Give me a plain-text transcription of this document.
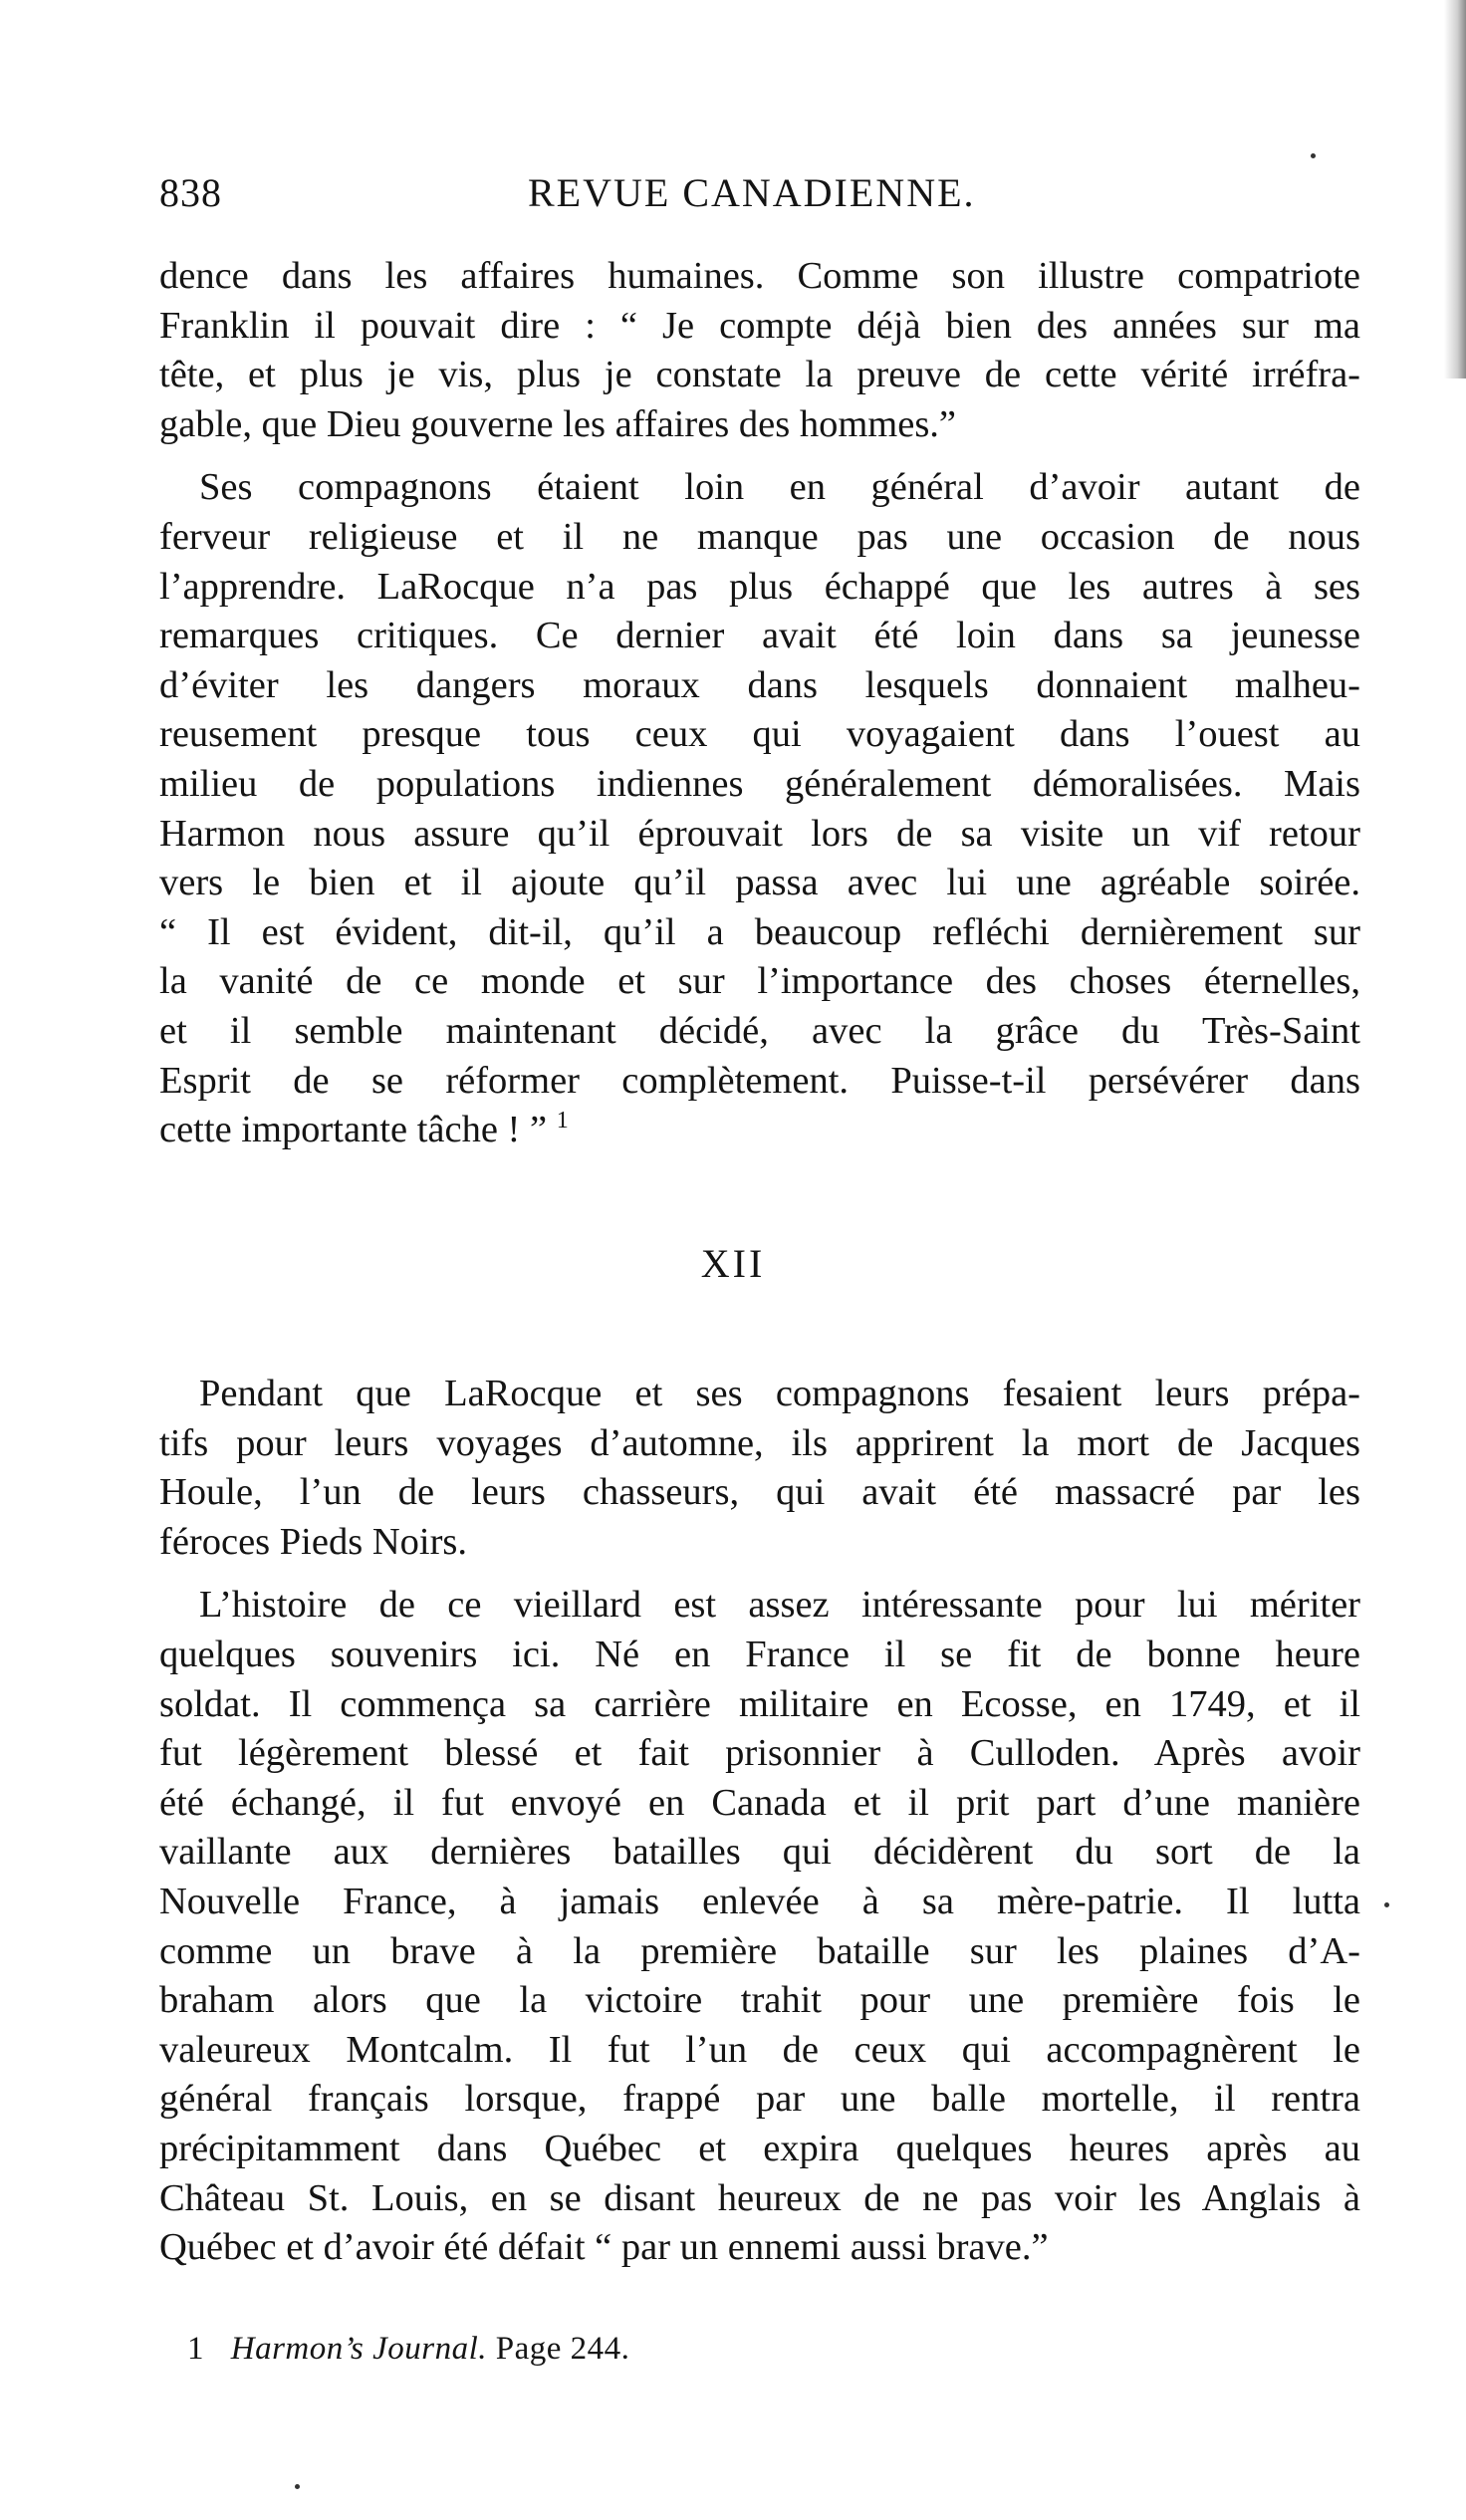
838	REVUE CANADIENNE.

dence dans les affaires humaines. Comme son illustre compatriote
Franklin il pouvait dire : “ Je compte déjà bien des années sur ma
tête, et plus je vis, plus je constate la preuve de cette vérité irréfra-
gable, que Dieu gouverne les affaires des hommes.”

Ses compagnons étaient loin en général d’avoir autant de
ferveur religieuse et il ne manque pas une occasion de nous
l’apprendre. LaRocque n’a pas plus échappé que les autres à ses
remarques critiques. Ce dernier avait été loin dans sa jeunesse
d’éviter les dangers moraux dans lesquels donnaient malheu-
reusement presque tous ceux qui voyagaient dans l’ouest au
milieu de populations indiennes généralement démoralisées. Mais
Harmon nous assure qu’il éprouvait lors de sa visite un vif retour
vers le bien et il ajoute qu’il passa avec lui une agréable soirée.
“ Il est évident, dit-il, qu’il a beaucoup refléchi dernièrement sur
la vanité de ce monde et sur l’importance des choses éternelles,
et il semble maintenant décidé, avec la grâce du Très-Saint
Esprit de se réformer complètement. Puisse-t-il persévérer dans
cette importante tâche ! ” $^1$

XII

Pendant que LaRocque et ses compagnons fesaient leurs prépa-
tifs pour leurs voyages d’automne, ils apprirent la mort de Jacques
Houle, l’un de leurs chasseurs, qui avait été massacré par les
féroces Pieds Noirs.

L’histoire de ce vieillard est assez intéressante pour lui mériter
quelques souvenirs ici. Né en France il se fit de bonne heure
soldat. Il commença sa carrière militaire en Ecosse, en 1749, et il
fut légèrement blessé et fait prisonnier à Culloden. Après avoir
été échangé, il fut envoyé en Canada et il prit part d’une manière
vaillante aux dernières batailles qui décidèrent du sort de la
Nouvelle France, à jamais enlevée à sa mère-patrie. Il lutta
comme un brave à la première bataille sur les plaines d’A-
braham alors que la victoire trahit pour une première fois le
valeureux Montcalm. Il fut l’un de ceux qui accompagnèrent le
général français lorsque, frappé par une balle mortelle, il rentra
précipitamment dans Québec et expira quelques heures après au
Château St. Louis, en se disant heureux de ne pas voir les Anglais à
Québec et d’avoir été défait “ par un ennemi aussi brave.”

1 Harmon’s Journal. Page 244.
